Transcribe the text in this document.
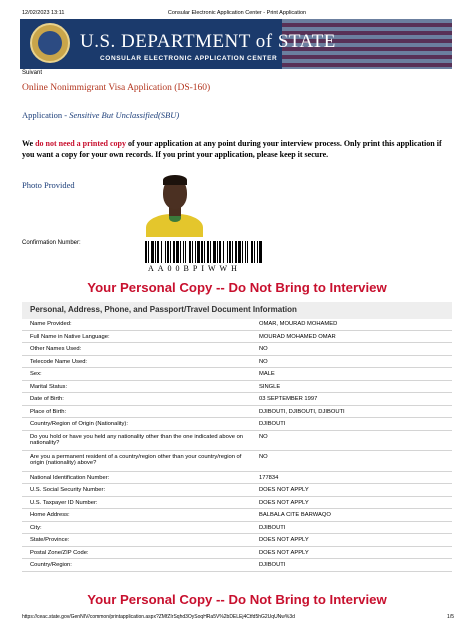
12/02/2023 13:11	Consular Electronic Application Center - Print Application
U.S. DEPARTMENT of STATE
CONSULAR ELECTRONIC APPLICATION CENTER
Suivant
Online Nonimmigrant Visa Application (DS-160)
Application - Sensitive But Unclassified(SBU)
We do not need a printed copy of your application at any point during your interview process. Only print this application if you want a copy for your own records. If you print your application, please keep it secure.
Photo Provided
Confirmation Number:
AA00BPIWWH
Your Personal Copy -- Do Not Bring to Interview
Personal, Address, Phone, and Passport/Travel Document Information
Name Provided:	OMAR, MOURAD MOHAMED
Full Name in Native Language:	MOURAD MOHAMED OMAR
Other Names Used:	NO
Telecode Name Used:	NO
Sex:	MALE
Marital Status:	SINGLE
Date of Birth:	03 SEPTEMBER 1997
Place of Birth:	DJIBOUTI, DJIBOUTI, DJIBOUTI
Country/Region of Origin (Nationality):	DJIBOUTI
Do you hold or have you held any nationality other than the one indicated above on nationality?
NO
Are you a permanent resident of a country/region other than your country/region of origin (nationality) above?
NO
National Identification Number:	177834
U.S. Social Security Number:	DOES NOT APPLY
U.S. Taxpayer ID Number:	DOES NOT APPLY
Home Address:	BALBALA CITE BARWAQO
City:	DJIBOUTI
State/Province:	DOES NOT APPLY
Postal Zone/ZIP Code:	DOES NOT APPLY
Country/Region:	DJIBOUTI
Your Personal Copy -- Do Not Bring to Interview
https://ceac.state.gov/GenNIV/common/printapplication.aspx?ZMfZIrSqhd3OySoqHRa5V%2bDELEj4Ctfd5hG2UqUNw%3d	1/5
